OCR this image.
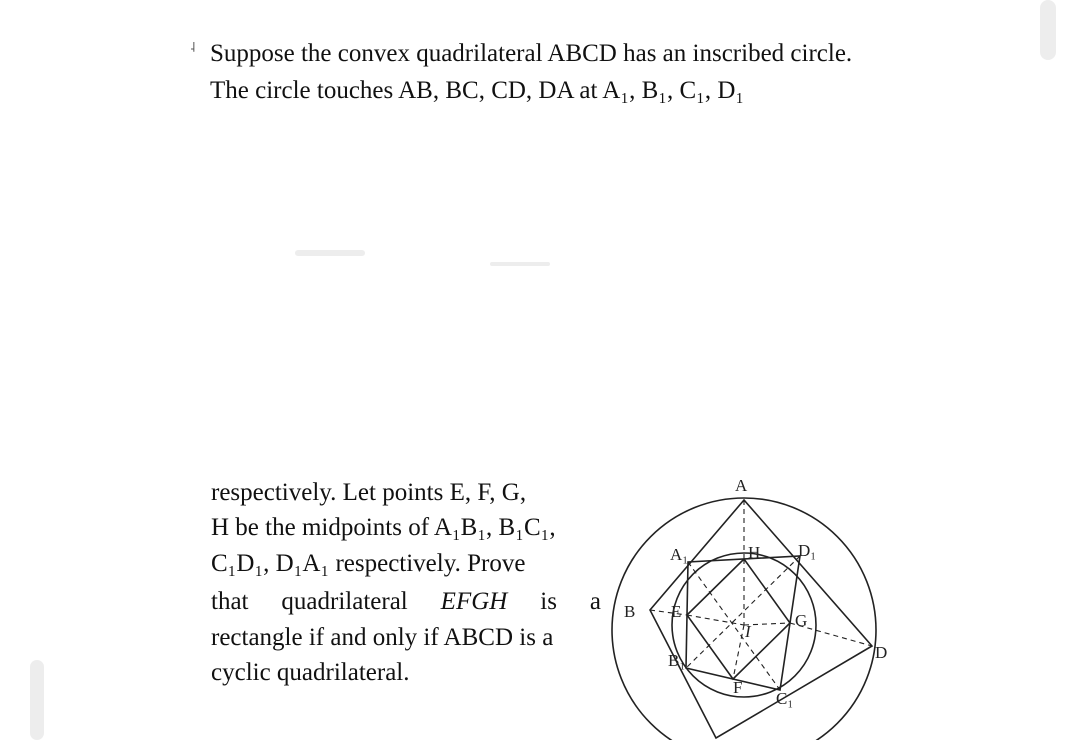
˨ Suppose the convex quadrilateral ABCD has an inscribed circle.
The circle touches AB, BC, CD, DA at A₁, B₁, C₁, D₁
respectively. Let points E, F, G,
H be the midpoints of A₁B₁, B₁C₁,
C₁D₁, D₁A₁ respectively. Prove
that quadrilateral EFGH is a
rectangle if and only if ABCD is a
cyclic quadrilateral.
A
B
D
A₁
B₁
C₁
D₁
E
F
G
H
I
